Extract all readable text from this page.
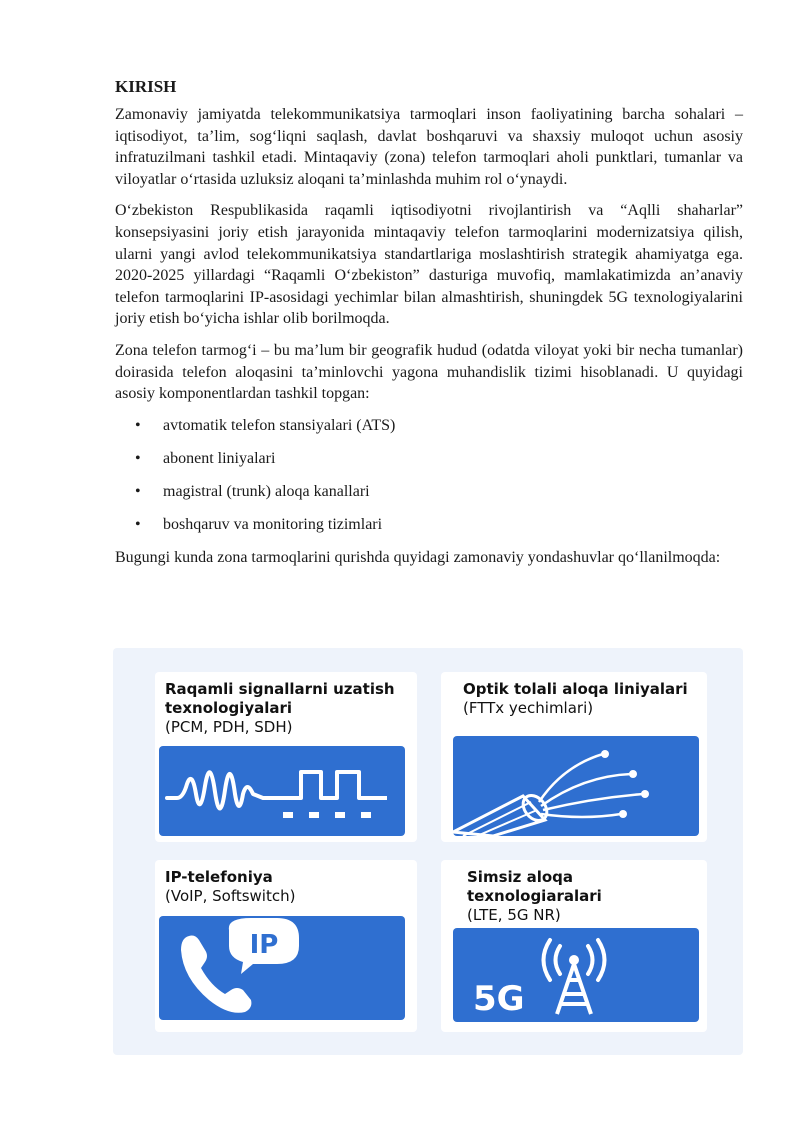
KIRISH

Zamonaviy jamiyatda telekommunikatsiya tarmoqlari inson faoliyatining barcha sohalari – iqtisodiyot, ta’lim, sog‘liqni saqlash, davlat boshqaruvi va shaxsiy muloqot uchun asosiy infratuzilmani tashkil etadi. Mintaqaviy (zona) telefon tarmoqlari aholi punktlari, tumanlar va viloyatlar o‘rtasida uzluksiz aloqani ta’minlashda muhim rol o‘ynaydi.

O‘zbekiston Respublikasida raqamli iqtisodiyotni rivojlantirish va “Aqlli shaharlar” konsepsiyasini joriy etish jarayonida mintaqaviy telefon tarmoqlarini modernizatsiya qilish, ularni yangi avlod telekommunikatsiya standartlariga moslashtirish strategik ahamiyatga ega. 2020-2025 yillardagi “Raqamli O‘zbekiston” dasturiga muvofiq, mamlakatimizda an’anaviy telefon tarmoqlarini IP-asosidagi yechimlar bilan almashtirish, shuningdek 5G texnologiyalarini joriy etish bo‘yicha ishlar olib borilmoqda.

Zona telefon tarmog‘i – bu ma’lum bir geografik hudud (odatda viloyat yoki bir necha tumanlar) doirasida telefon aloqasini ta’minlovchi yagona muhandislik tizimi hisoblanadi. U quyidagi asosiy komponentlardan tashkil topgan:

• avtomatik telefon stansiyalari (ATS)
• abonent liniyalari
• magistral (trunk) aloqa kanallari
• boshqaruv va monitoring tizimlari

Bugungi kunda zona tarmoqlarini qurishda quyidagi zamonaviy yondashuvlar qo‘llanilmoqda:

Raqamli signallarni uzatish texnologiyalari
(PCM, PDH, SDH)
Optik tolali aloqa liniyalari (FTTx yechimlari)
IP-telefoniya
(VoIP, Softswitch)
IP
Simsiz aloqa texnologiaralari
(LTE, 5G NR)
5G
